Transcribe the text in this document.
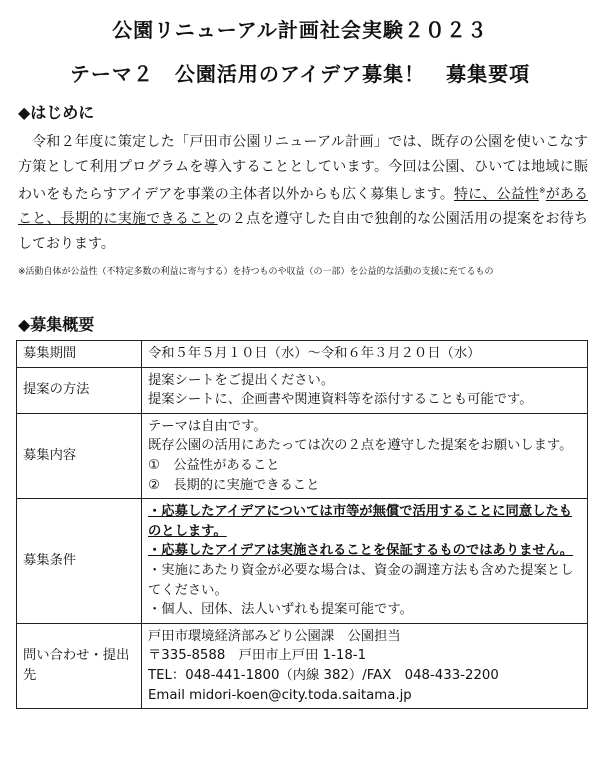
公園リニューアル計画社会実験２０２３
テーマ２　公園活用のアイデア募集！　募集要項
◆はじめに
令和２年度に策定した「戸田市公園リニューアル計画」では、既存の公園を使いこなす方策として利用プログラムを導入することとしています。今回は公園、ひいては地域に賑わいをもたらすアイデアを事業の主体者以外からも広く募集します。特に、公益性※があること、長期的に実施できることの２点を遵守した自由で独創的な公園活用の提案をお待ちしております。
※活動自体が公益性（不特定多数の利益に寄与する）を持つものや収益（の一部）を公益的な活動の支援に充てるもの
◆募集概要
募集期間	令和５年５月１０日（水）～令和６年３月２０日（水）
提案の方法	提案シートをご提出ください。
提案シートに、企画書や関連資料等を添付することも可能です。

募集内容	テーマは自由です。
既存公園の活用にあたっては次の２点を遵守した提案をお願いします。
①　公益性があること
②　長期的に実施できること

募集条件	・応募したアイデアについては市等が無償で活用することに同意したものとします。
・応募したアイデアは実施されることを保証するものではありません。
・実施にあたり資金が必要な場合は、資金の調達方法も含めた提案としてください。
・個人、団体、法人いずれも提案可能です。

問い合わせ・提出先	戸田市環境経済部みどり公園課　公園担当
〒335-8588　戸田市上戸田 1-18-1
TEL：048-441-1800（内線 382）/FAX　048-433-2200
Email midori-koen@city.toda.saitama.jp
